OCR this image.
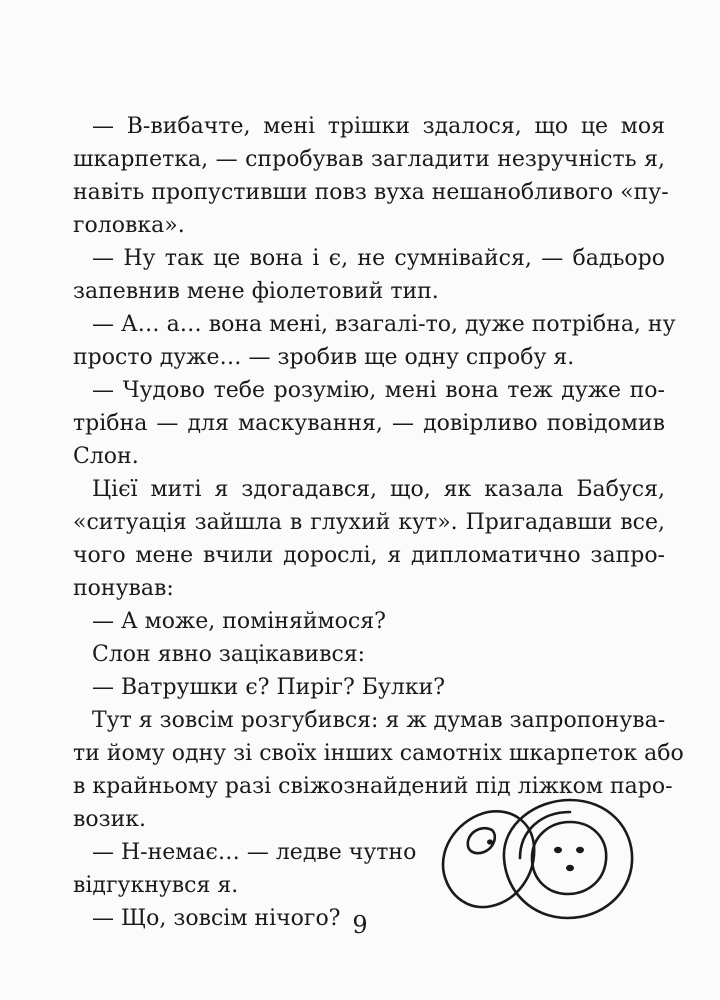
— В-вибачте, мені трішки здалося, що це моя
шкарпетка, — спробував загладити незручність я,
навіть пропустивши повз вуха нешанобливого «пу-
головка».
— Ну так це вона і є, не сумнівайся, — бадьоро
запевнив мене фіолетовий тип.
— А… а… вона мені, взагалі-то, дуже потрібна, ну
просто дуже… — зробив ще одну спробу я.
— Чудово тебе розумію, мені вона теж дуже по-
трібна — для маскування, — довірливо повідомив
Слон.
Цієї миті я здогадався, що, як казала Бабуся,
«ситуація зайшла в глухий кут». Пригадавши все,
чого мене вчили дорослі, я дипломатично запро-
понував:
— А може, поміняймося?
Слон явно зацікавився:
— Ватрушки є? Пиріг? Булки?
Тут я зовсім розгубився: я ж думав запропонува-
ти йому одну зі своїх інших самотніх шкарпеток або
в крайньому разі свіжознайдений під ліжком паро-
возик.
— Н-немає… — ледве чутно
відгукнувся я.
— Що, зовсім нічого? 9
